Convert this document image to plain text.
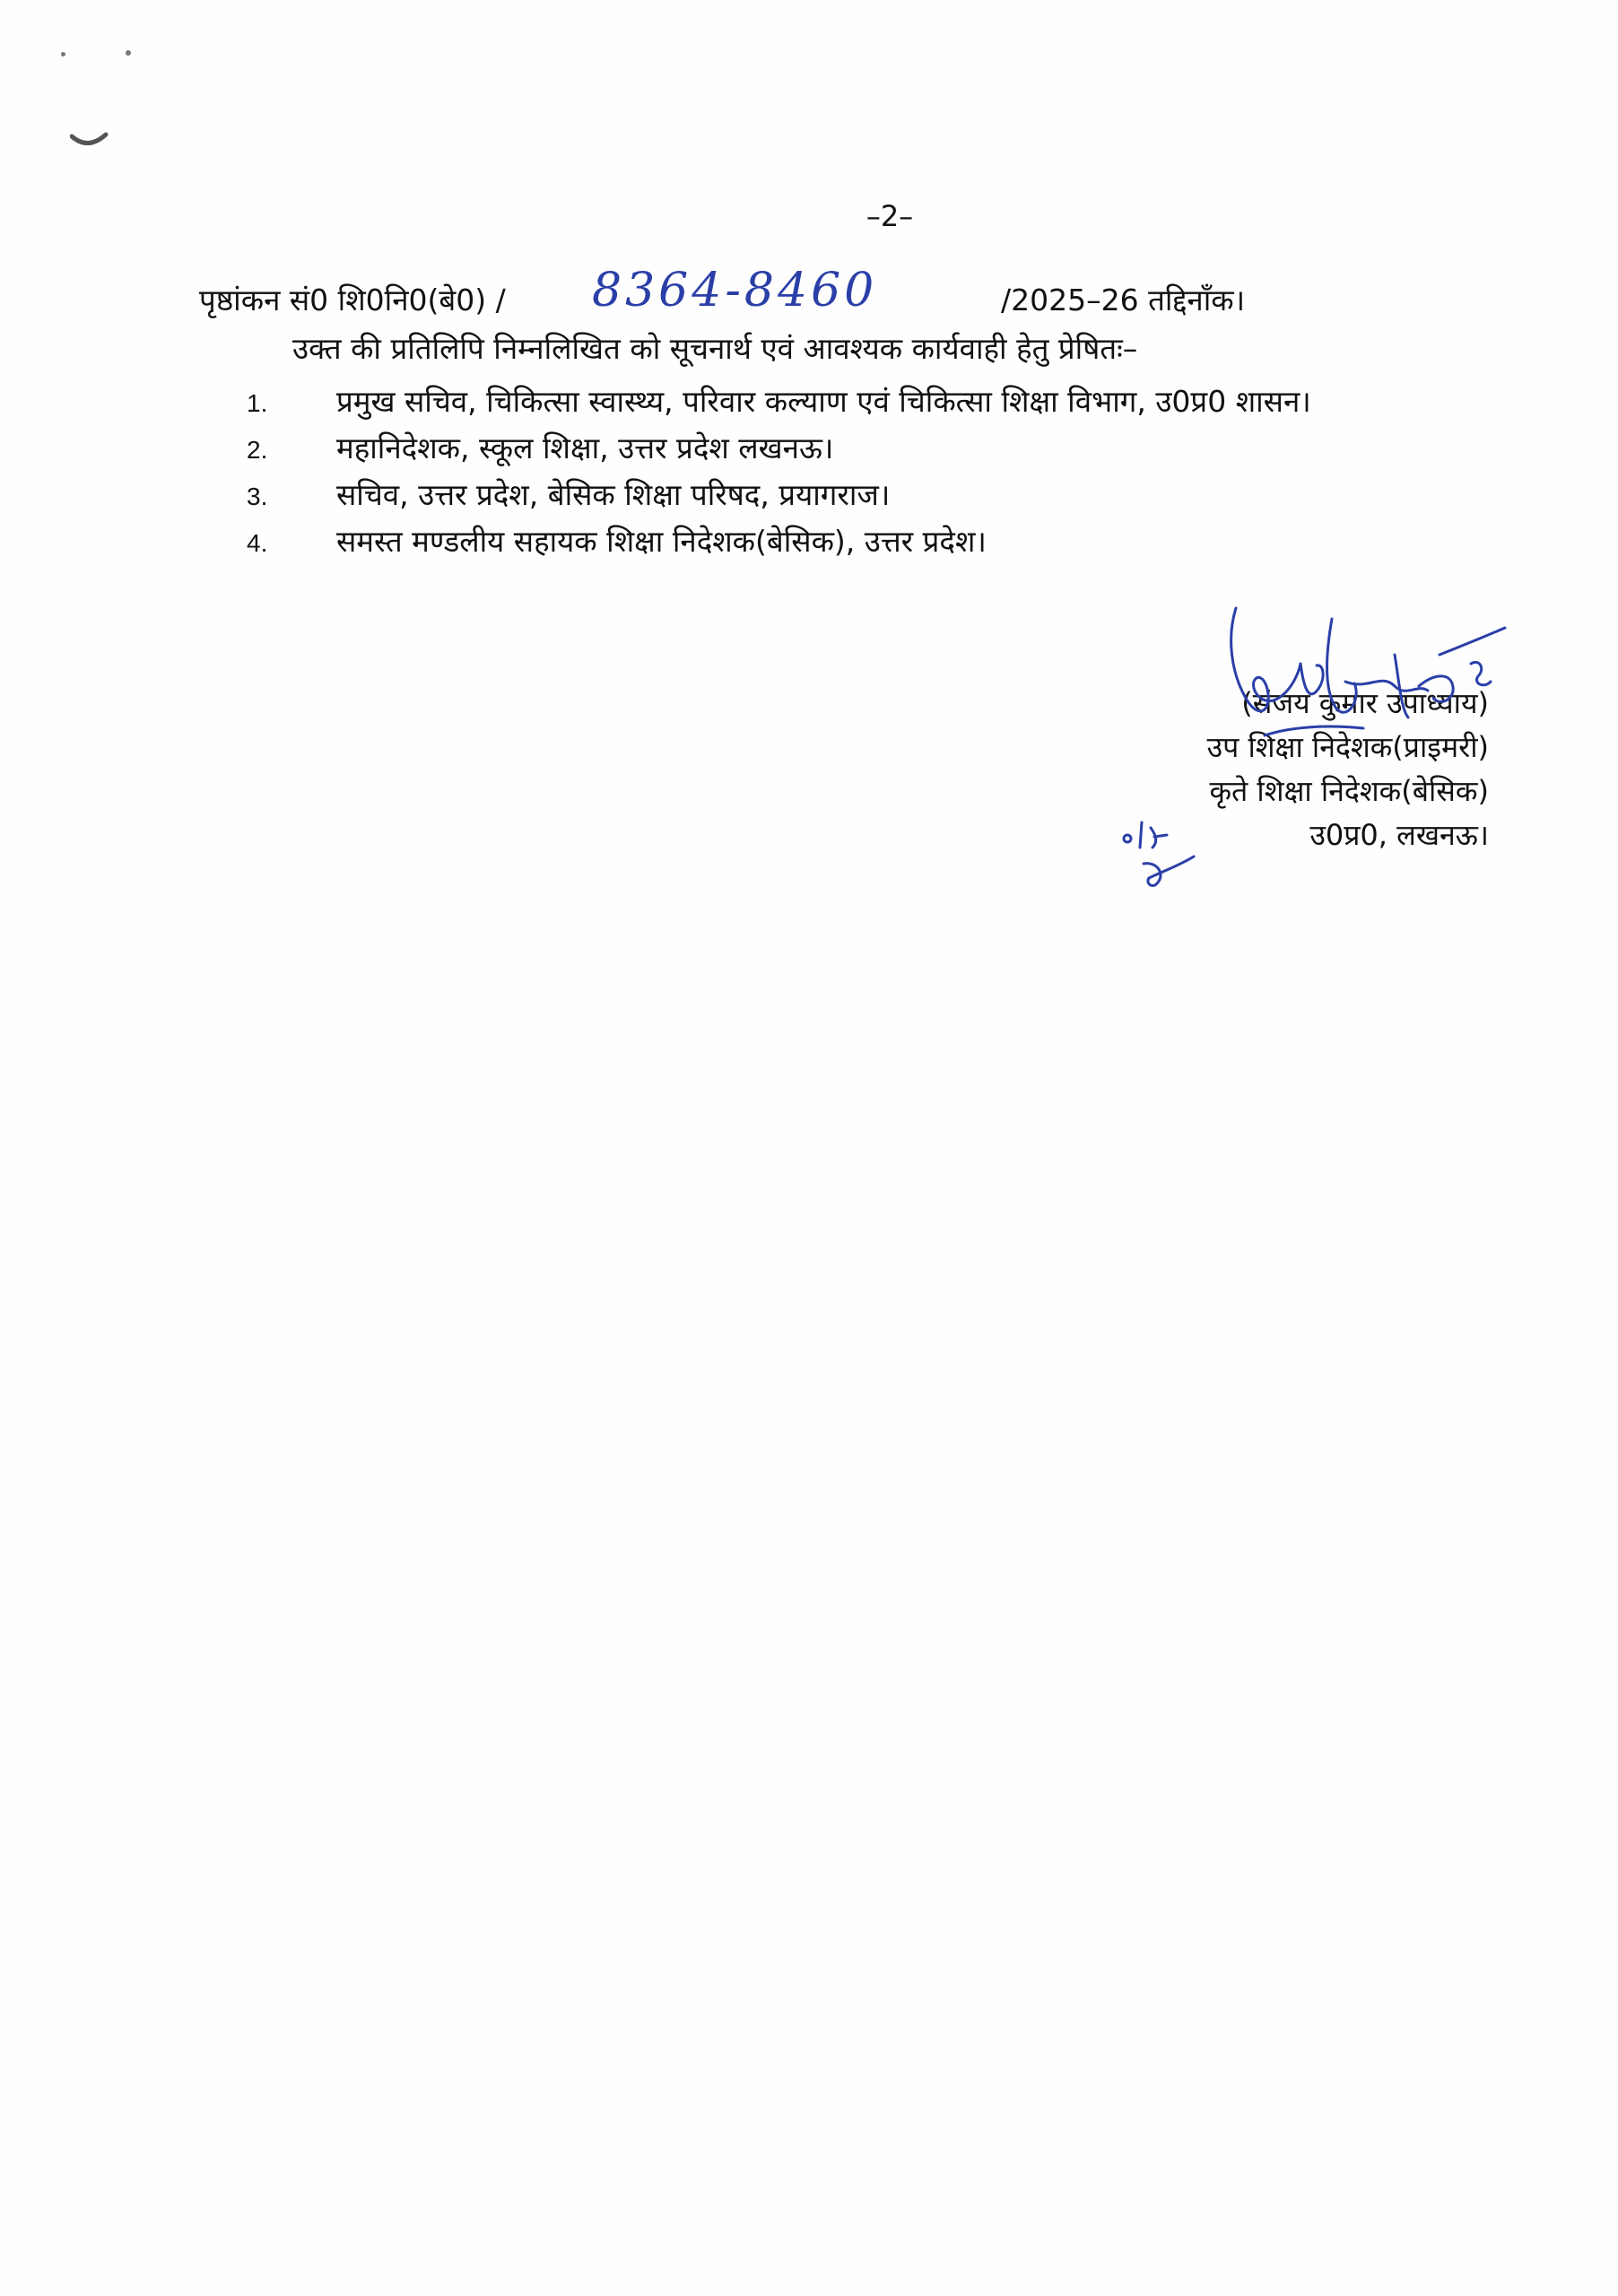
–2–
पृष्ठांकन सं0 शि0नि0(बे0) / 8364-8460	/2025–26 तद्दिनाँक।
उक्त की प्रतिलिपि निम्नलिखित को सूचनार्थ एवं आवश्यक कार्यवाही हेतु प्रेषितः–
1. प्रमुख सचिव, चिकित्सा स्वास्थ्य, परिवार कल्याण एवं चिकित्सा शिक्षा विभाग, उ0प्र0 शासन।
2. महानिदेशक, स्कूल शिक्षा, उत्तर प्रदेश लखनऊ।
3. सचिव, उत्तर प्रदेश, बेसिक शिक्षा परिषद, प्रयागराज।
4. समस्त मण्डलीय सहायक शिक्षा निदेशक(बेसिक), उत्तर प्रदेश।
(संजय कुमार उपाध्याय)
उप शिक्षा निदेशक(प्राइमरी)
कृते शिक्षा निदेशक(बेसिक)
उ0प्र0, लखनऊ।
